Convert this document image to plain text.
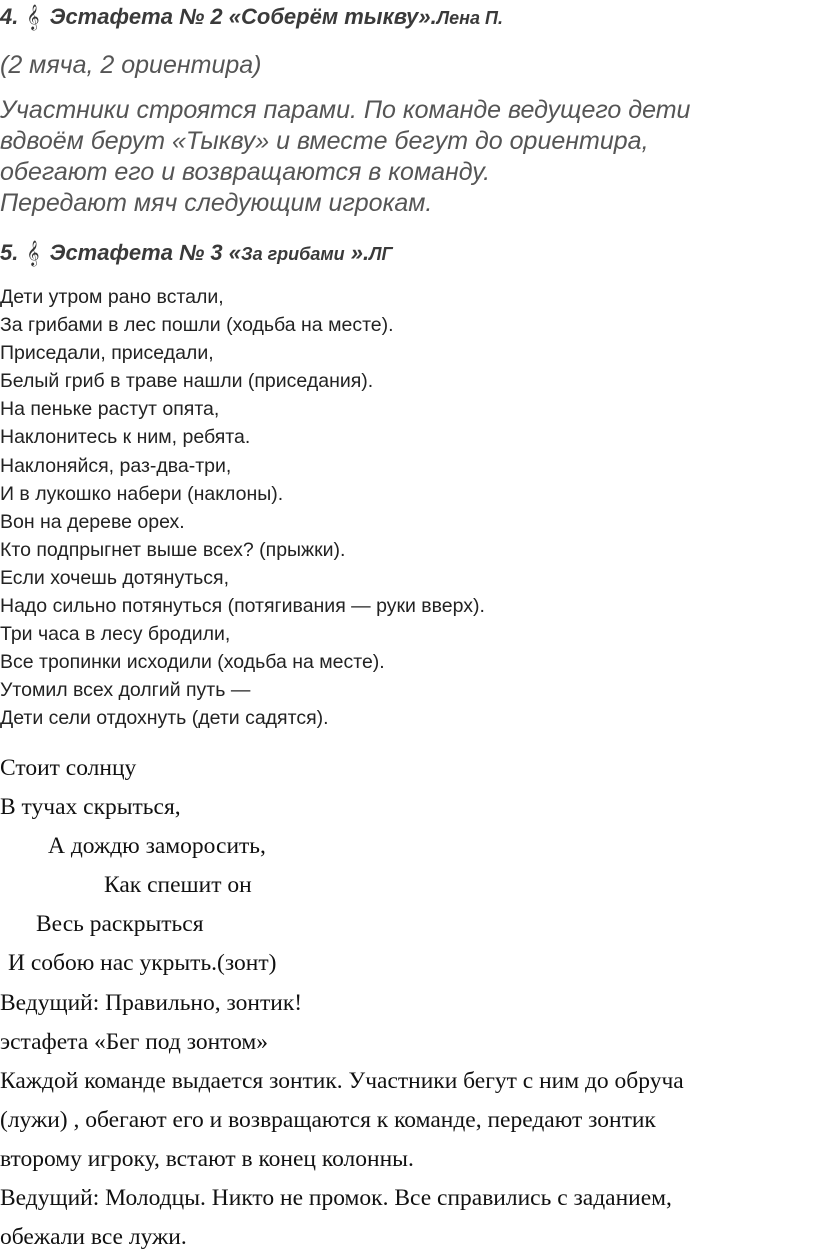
4. 𝄞 Эстафета № 2 «Соберём тыкву».Лена П.

(2 мяча, 2 ориентира)

Участники строятся парами. По команде ведущего дети
вдвоём берут «Тыкву» и вместе бегут до ориентира,
обегают его и возвращаются в команду.
Передают мяч следующим игрокам.

5. 𝄞 Эстафета № 3 «За грибами ».ЛГ
Дети утром рано встали,
За грибами в лес пошли (ходьба на месте).
Приседали, приседали,
Белый гриб в траве нашли (приседания).
На пеньке растут опята,
Наклонитесь к ним, ребята.
Наклоняйся, раз-два-три,
И в лукошко набери (наклоны).
Вон на дереве орех.
Кто подпрыгнет выше всех? (прыжки).
Если хочешь дотянуться,
Надо сильно потянуться (потягивания — руки вверх).
Три часа в лесу бродили,
Все тропинки исходили (ходьба на месте).
Утомил всех долгий путь —
Дети сели отдохнуть (дети садятся).
Стоит солнцу
В тучах скрыться,
А дождю заморосить,
Как спешит он
Весь раскрыться
И собою нас укрыть.(зонт)
Ведущий: Правильно, зонтик!
эстафета «Бег под зонтом»
Каждой команде выдается зонтик. Участники бегут с ним до обруча
(лужи) , обегают его и возвращаются к команде, передают зонтик
второму игроку, встают в конец колонны.
Ведущий: Молодцы. Никто не промок. Все справились с заданием,
обежали все лужи.
